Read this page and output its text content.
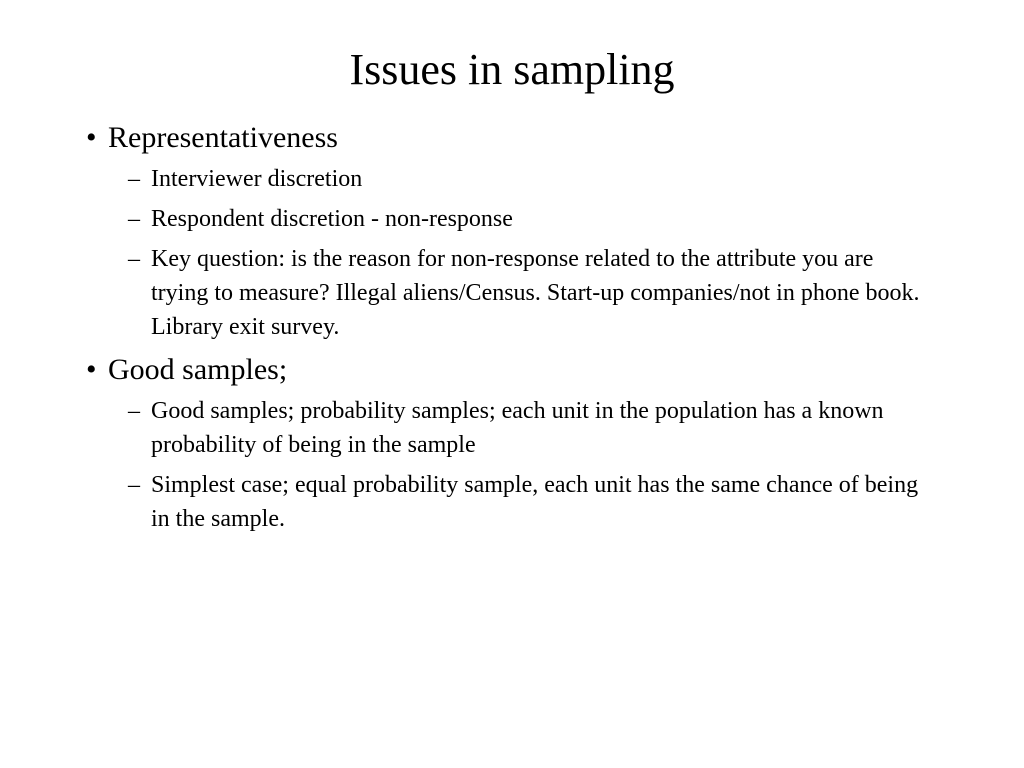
Issues in sampling
• Representativeness
– Interviewer discretion
– Respondent discretion - non-response
– Key question: is the reason for non-response related to the attribute you are trying to measure? Illegal aliens/Census. Start-up companies/not in phone book. Library exit survey.
• Good samples;
– Good samples; probability samples; each unit in the population has a known probability of being in the sample
– Simplest case; equal probability sample, each unit has the same chance of being in the sample.
